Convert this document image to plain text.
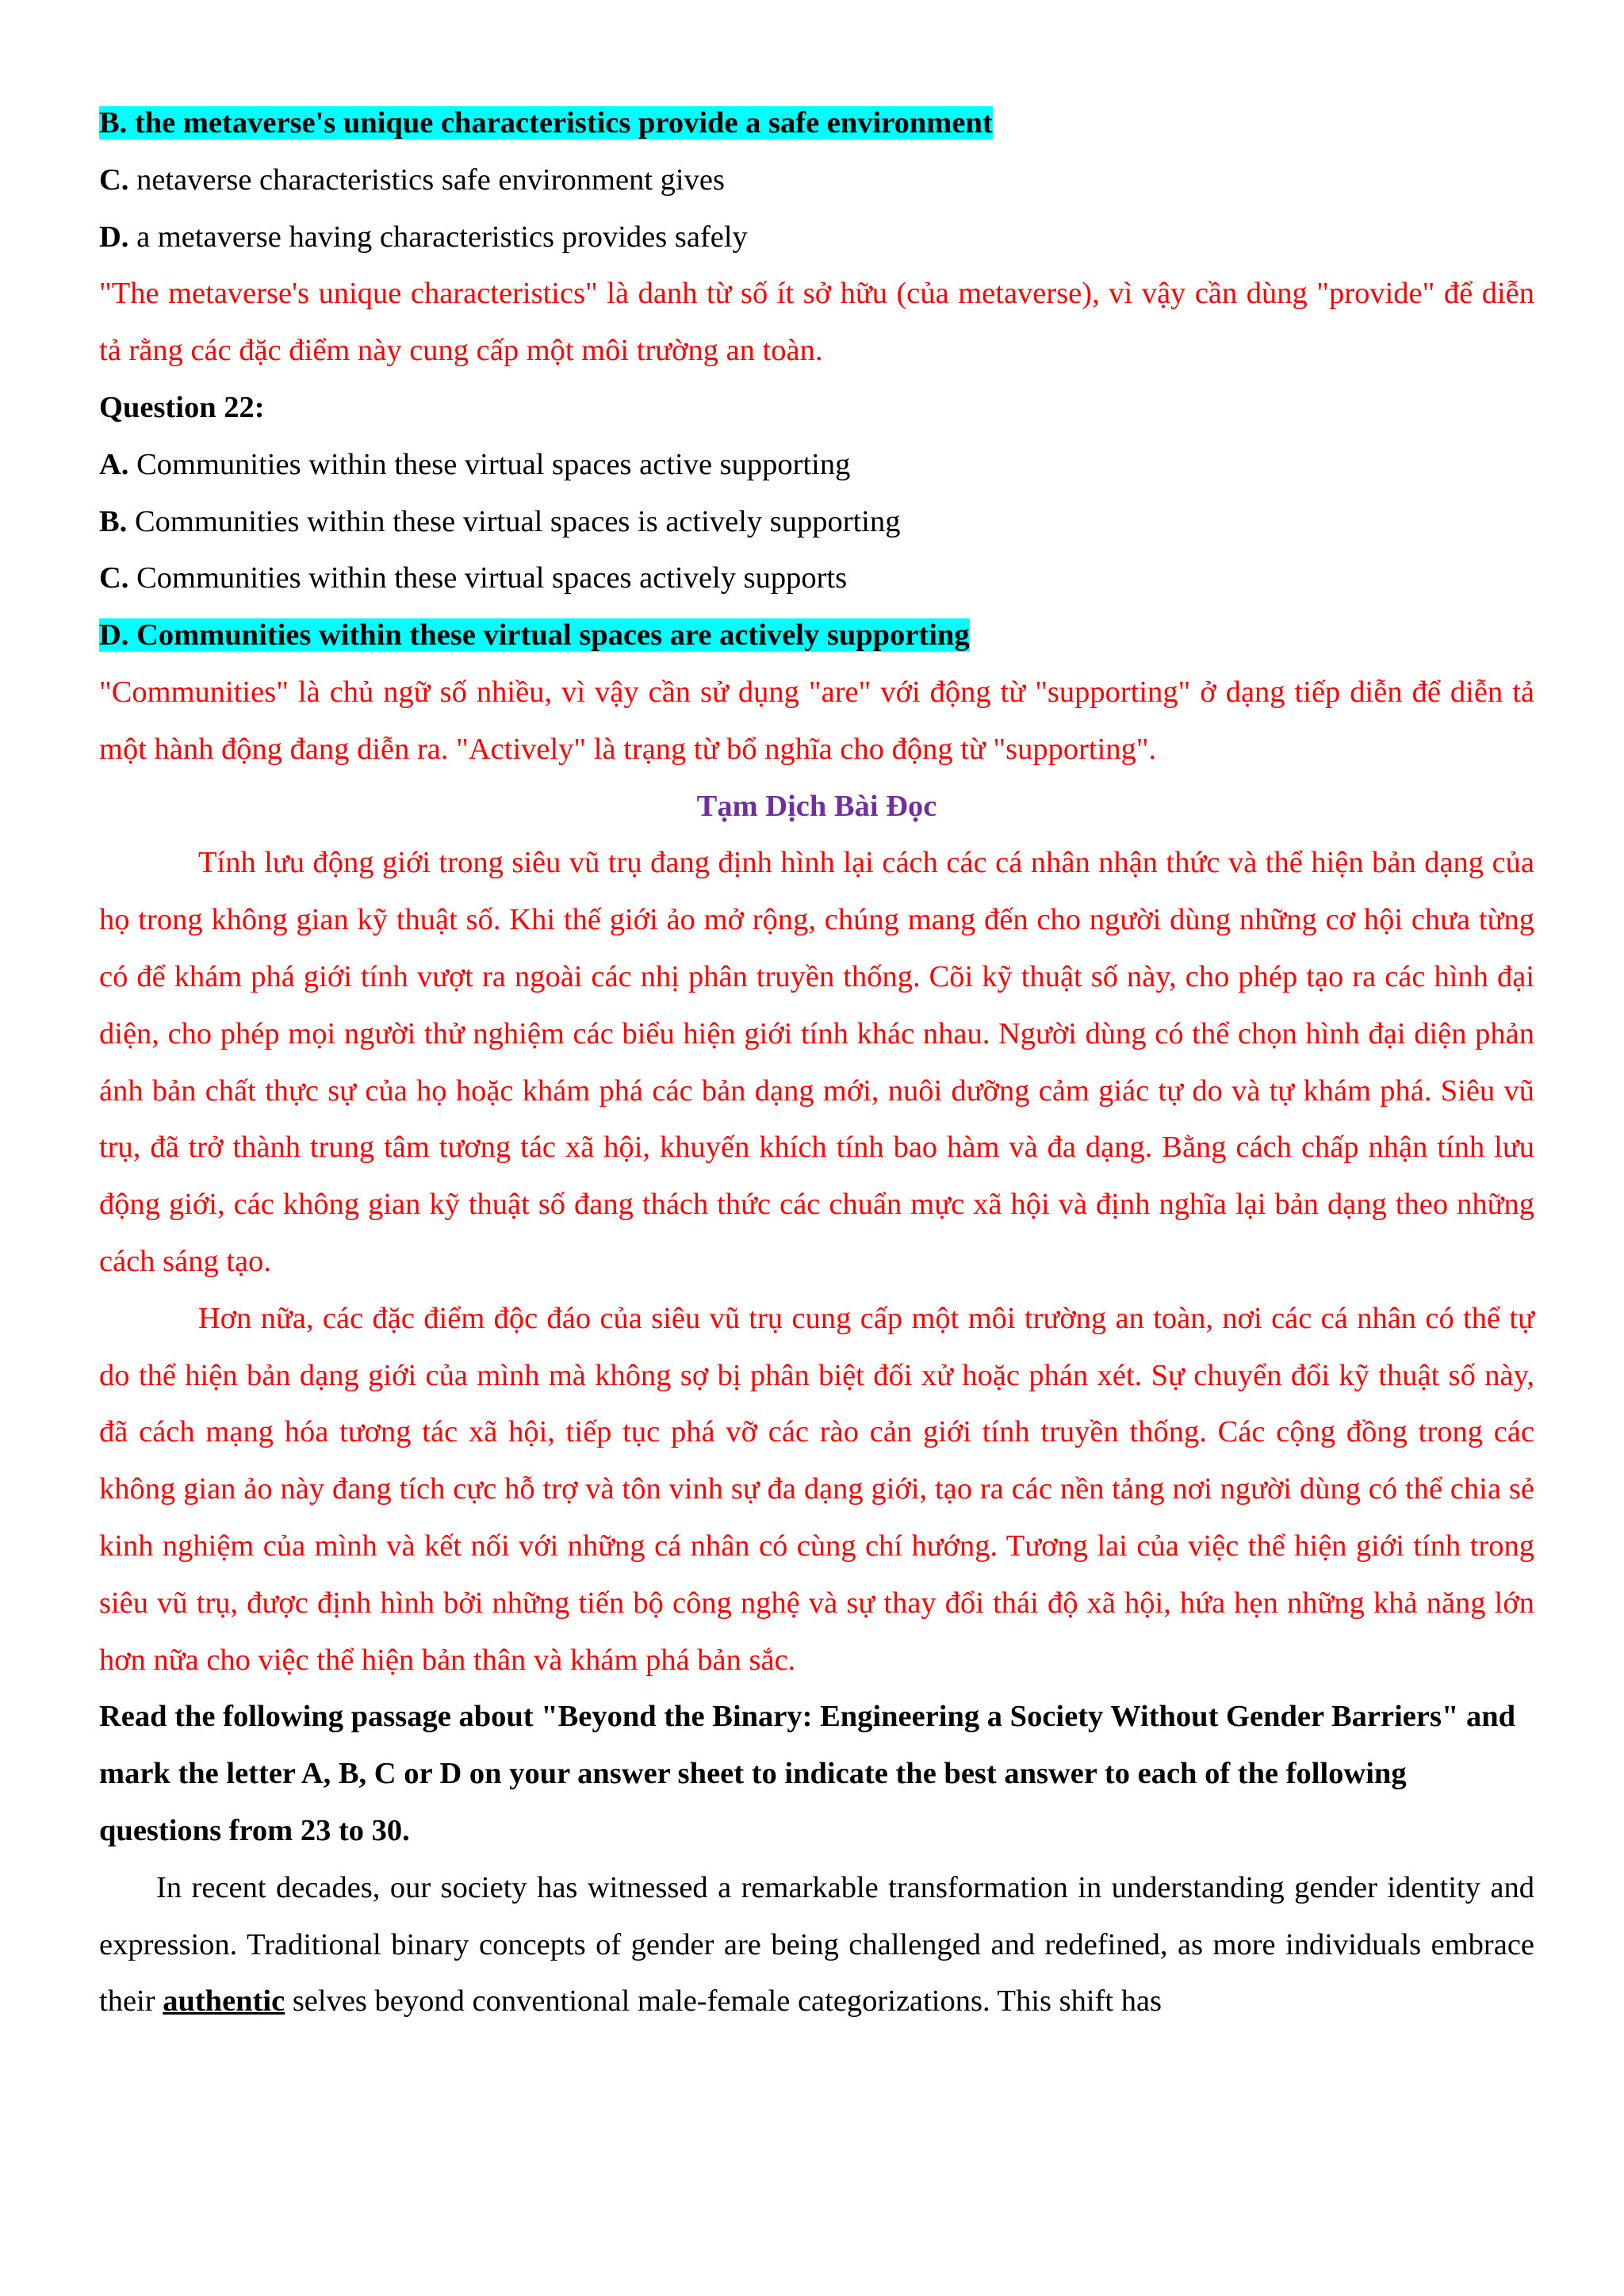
B. the metaverse's unique characteristics provide a safe environment
C. netaverse characteristics safe environment gives
D. a metaverse having characteristics provides safely
"The metaverse's unique characteristics" là danh từ số ít sở hữu (của metaverse), vì vậy cần dùng "provide" để diễn tả rằng các đặc điểm này cung cấp một môi trường an toàn.
Question 22:
A. Communities within these virtual spaces active supporting
B. Communities within these virtual spaces is actively supporting
C. Communities within these virtual spaces actively supports
D. Communities within these virtual spaces are actively supporting
"Communities" là chủ ngữ số nhiều, vì vậy cần sử dụng "are" với động từ "supporting" ở dạng tiếp diễn để diễn tả một hành động đang diễn ra. "Actively" là trạng từ bổ nghĩa cho động từ "supporting".
Tạm Dịch Bài Đọc
Tính lưu động giới trong siêu vũ trụ đang định hình lại cách các cá nhân nhận thức và thể hiện bản dạng của họ trong không gian kỹ thuật số. Khi thế giới ảo mở rộng, chúng mang đến cho người dùng những cơ hội chưa từng có để khám phá giới tính vượt ra ngoài các nhị phân truyền thống. Cõi kỹ thuật số này, cho phép tạo ra các hình đại diện, cho phép mọi người thử nghiệm các biểu hiện giới tính khác nhau. Người dùng có thể chọn hình đại diện phản ánh bản chất thực sự của họ hoặc khám phá các bản dạng mới, nuôi dưỡng cảm giác tự do và tự khám phá. Siêu vũ trụ, đã trở thành trung tâm tương tác xã hội, khuyến khích tính bao hàm và đa dạng. Bằng cách chấp nhận tính lưu động giới, các không gian kỹ thuật số đang thách thức các chuẩn mực xã hội và định nghĩa lại bản dạng theo những cách sáng tạo.
Hơn nữa, các đặc điểm độc đáo của siêu vũ trụ cung cấp một môi trường an toàn, nơi các cá nhân có thể tự do thể hiện bản dạng giới của mình mà không sợ bị phân biệt đối xử hoặc phán xét. Sự chuyển đổi kỹ thuật số này, đã cách mạng hóa tương tác xã hội, tiếp tục phá vỡ các rào cản giới tính truyền thống. Các cộng đồng trong các không gian ảo này đang tích cực hỗ trợ và tôn vinh sự đa dạng giới, tạo ra các nền tảng nơi người dùng có thể chia sẻ kinh nghiệm của mình và kết nối với những cá nhân có cùng chí hướng. Tương lai của việc thể hiện giới tính trong siêu vũ trụ, được định hình bởi những tiến bộ công nghệ và sự thay đổi thái độ xã hội, hứa hẹn những khả năng lớn hơn nữa cho việc thể hiện bản thân và khám phá bản sắc.
Read the following passage about "Beyond the Binary: Engineering a Society Without Gender Barriers" and mark the letter A, B, C or D on your answer sheet to indicate the best answer to each of the following questions from 23 to 30.
In recent decades, our society has witnessed a remarkable transformation in understanding gender identity and expression. Traditional binary concepts of gender are being challenged and redefined, as more individuals embrace their authentic selves beyond conventional male-female categorizations. This shift has
